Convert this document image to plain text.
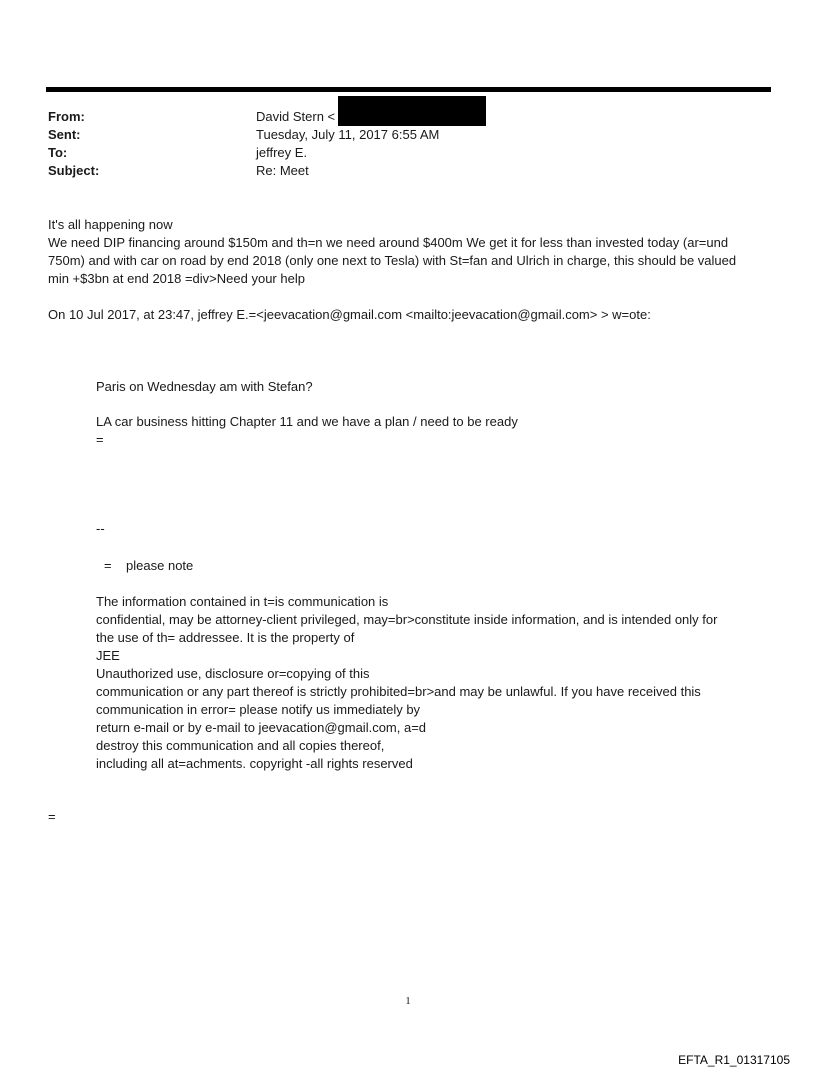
From:	David Stern <
Sent:	Tuesday, July 11, 2017 6:55 AM
To:	jeffrey E.
Subject:	Re: Meet
It's all happening now
We need DIP financing around $150m and th=n we need around $400m We get it for less than invested today (ar=und
750m) and with car on road by end 2018 (only one next to Tesla) with St=fan and Ulrich in charge, this should be valued
min +$3bn at end 2018 =div>Need your help
On 10 Jul 2017, at 23:47, jeffrey E.=<jeevacation@gmail.com <mailto:jeevacation@gmail.com> > w=ote:
Paris on Wednesday am with Stefan?
LA car business hitting Chapter 11 and we have a plan / need to be ready
=
--
=    please note
The information contained in t=is communication is
confidential, may be attorney-client privileged, may=br>constitute inside information, and is intended only for
the use of th= addressee. It is the property of
JEE
Unauthorized use, disclosure or=copying of this
communication or any part thereof is strictly prohibited=br>and may be unlawful. If you have received this
communication in error= please notify us immediately by
return e-mail or by e-mail to jeevacation@gmail.com, a=d
destroy this communication and all copies thereof,
including all at=achments. copyright -all rights reserved
=
1
EFTA_R1_01317105
